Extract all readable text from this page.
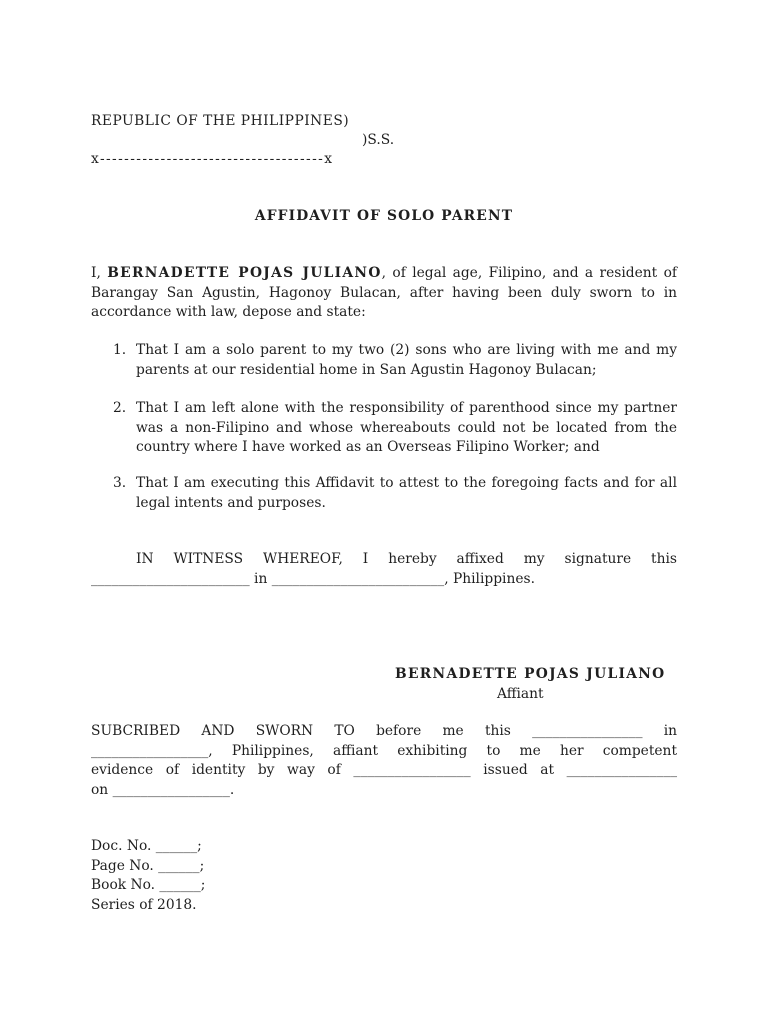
REPUBLIC OF THE PHILIPPINES)
)S.S.
x-------------------------------------x
AFFIDAVIT OF SOLO PARENT
I, BERNADETTE POJAS JULIANO, of legal age, Filipino, and a resident of
Barangay San Agustin, Hagonoy Bulacan, after having been duly sworn to in
accordance with law, depose and state:
1. That I am a solo parent to my two (2) sons who are living with me and my
parents at our residential home in San Agustin Hagonoy Bulacan;
2. That I am left alone with the responsibility of parenthood since my partner
was a non-Filipino and whose whereabouts could not be located from the
country where I have worked as an Overseas Filipino Worker; and
3. That I am executing this Affidavit to attest to the foregoing facts and for all
legal intents and purposes.
IN WITNESS WHEREOF, I hereby affixed my signature this
_______________________ in _________________________, Philippines.
BERNADETTE POJAS JULIANO
Affiant
SUBCRIBED AND SWORN TO before me this ________________ in
_________________, Philippines, affiant exhibiting to me her competent
evidence of identity by way of _________________ issued at ________________
on _________________.
Doc. No. ______;
Page No. ______;
Book No. ______;
Series of 2018.
